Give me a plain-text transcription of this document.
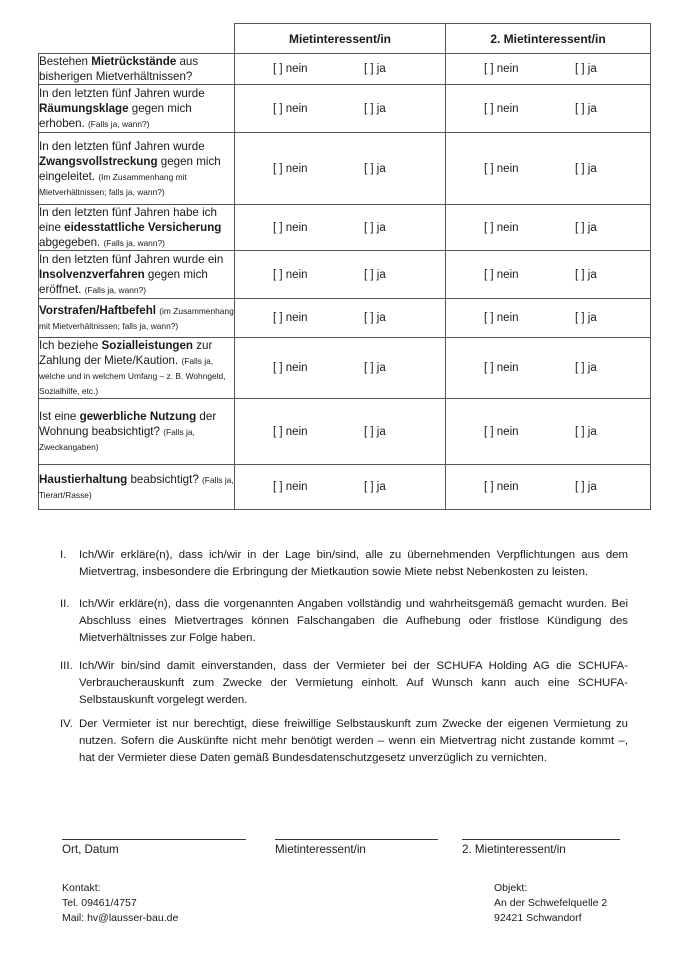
	Mietinteressent/in	2. Mietinteressent/in
Bestehen Mietrückstände aus bisherigen Mietverhältnissen?	[ ] nein [ ] ja	[ ] nein [ ] ja

In den letzten fünf Jahren wurde Räumungsklage gegen mich erhoben. (Falls ja, wann?)	[ ] nein [ ] ja	[ ] nein [ ] ja

In den letzten fünf Jahren wurde Zwangsvollstreckung gegen mich eingeleitet. (Im Zusammenhang mit Mietverhältnissen; falls ja, wann?)	[ ] nein [ ] ja	[ ] nein [ ] ja

In den letzten fünf Jahren habe ich eine eidesstattliche Versicherung abgegeben. (Falls ja, wann?)	[ ] nein [ ] ja	[ ] nein [ ] ja

In den letzten fünf Jahren wurde ein Insolvenzverfahren gegen mich eröffnet. (Falls ja, wann?)	[ ] nein [ ] ja	[ ] nein [ ] ja

Vorstrafen/Haftbefehl (im Zusammenhang mit Mietverhältnissen; falls ja, wann?)	[ ] nein [ ] ja	[ ] nein [ ] ja

Ich beziehe Sozialleistungen zur Zahlung der Miete/Kaution. (Falls ja, welche und in welchem Umfang – z. B. Wohngeld, Sozialhilfe, etc.)	[ ] nein [ ] ja	[ ] nein [ ] ja

Ist eine gewerbliche Nutzung der Wohnung beabsichtigt? (Falls ja, Zweckangaben)	[ ] nein [ ] ja	[ ] nein [ ] ja

Haustierhaltung beabsichtigt? (Falls ja, Tierart/Rasse)	[ ] nein [ ] ja	[ ] nein [ ] ja
I. Ich/Wir erkläre(n), dass ich/wir in der Lage bin/sind, alle zu übernehmenden Verpflichtungen aus dem Mietvertrag, insbesondere die Erbringung der Mietkaution sowie Miete nebst Nebenkosten zu leisten.
II. Ich/Wir erkläre(n), dass die vorgenannten Angaben vollständig und wahrheitsgemäß gemacht wurden. Bei Abschluss eines Mietvertrages können Falschangaben die Aufhebung oder fristlose Kündigung des Mietverhältnisses zur Folge haben.
III. Ich/Wir bin/sind damit einverstanden, dass der Vermieter bei der SCHUFA Holding AG die SCHUFA-Verbraucherauskunft zum Zwecke der Vermietung einholt. Auf Wunsch kann auch eine SCHUFA-Selbstauskunft vorgelegt werden.
IV. Der Vermieter ist nur berechtigt, diese freiwillige Selbstauskunft zum Zwecke der eigenen Vermietung zu nutzen. Sofern die Auskünfte nicht mehr benötigt werden – wenn ein Mietvertrag nicht zustande kommt –, hat der Vermieter diese Daten gemäß Bundesdatenschutzgesetz unverzüglich zu vernichten.
Ort, Datum	Mietinteressent/in	2. Mietinteressent/in
Kontakt:
Tel. 09461/4757
Mail: hv@lausser-bau.de
Objekt:
An der Schwefelquelle 2
92421 Schwandorf
